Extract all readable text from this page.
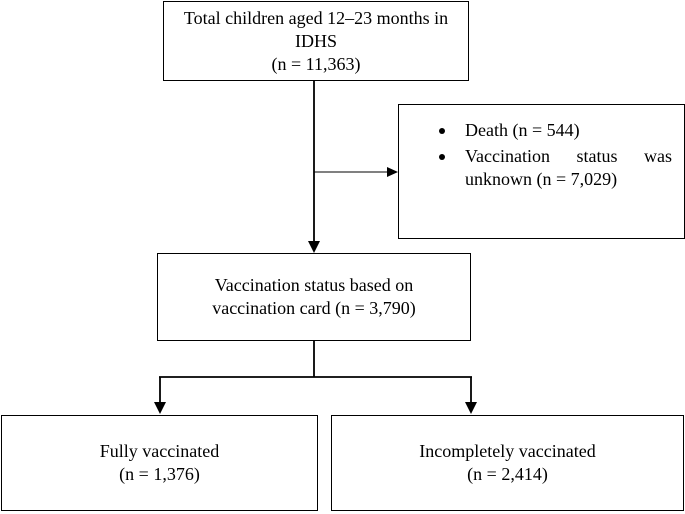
Total children aged 12–23 months in
IDHS
(n = 11,363)
Death (n = 544)
Vaccination status was unknown (n = 7,029)
Vaccination status based on
vaccination card (n = 3,790)
Fully vaccinated
(n = 1,376)
Incompletely vaccinated
(n = 2,414)
